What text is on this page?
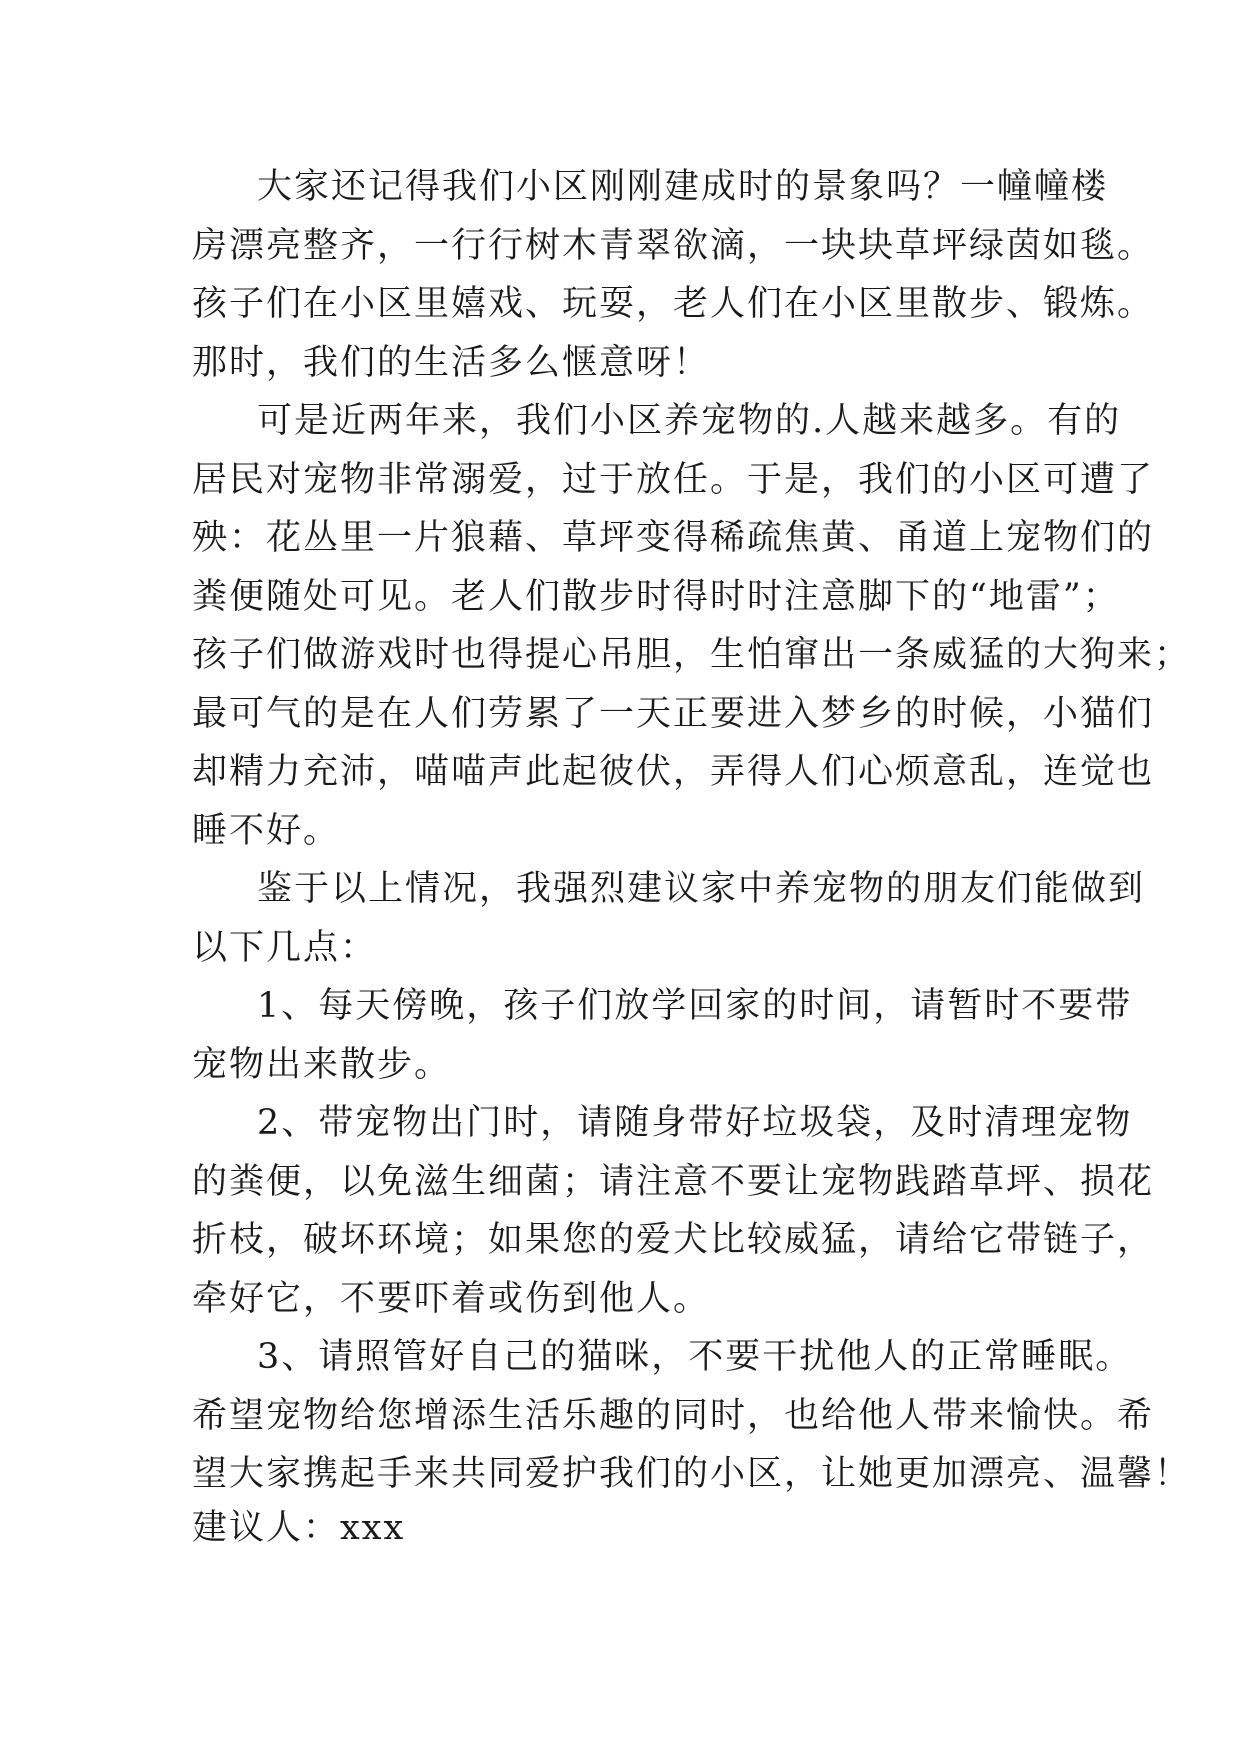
大家还记得我们小区刚刚建成时的景象吗？一幢幢楼
房漂亮整齐，一行行树木青翠欲滴，一块块草坪绿茵如毯。
孩子们在小区里嬉戏、玩耍，老人们在小区里散步、锻炼。
那时，我们的生活多么惬意呀！
可是近两年来，我们小区养宠物的.人越来越多。有的
居民对宠物非常溺爱，过于放任。于是，我们的小区可遭了
殃：花丛里一片狼藉、草坪变得稀疏焦黄、甬道上宠物们的
粪便随处可见。老人们散步时得时时注意脚下的“地雷”；
孩子们做游戏时也得提心吊胆，生怕窜出一条威猛的大狗来；
最可气的是在人们劳累了一天正要进入梦乡的时候，小猫们
却精力充沛，喵喵声此起彼伏，弄得人们心烦意乱，连觉也
睡不好。
鉴于以上情况，我强烈建议家中养宠物的朋友们能做到
以下几点：
1、每天傍晚，孩子们放学回家的时间，请暂时不要带
宠物出来散步。
2、带宠物出门时，请随身带好垃圾袋，及时清理宠物
的粪便，以免滋生细菌；请注意不要让宠物践踏草坪、损花
折枝，破坏环境；如果您的爱犬比较威猛，请给它带链子，
牵好它，不要吓着或伤到他人。
3、请照管好自己的猫咪，不要干扰他人的正常睡眠。
希望宠物给您增添生活乐趣的同时，也给他人带来愉快。希
望大家携起手来共同爱护我们的小区，让她更加漂亮、温馨！
建议人：xxx
